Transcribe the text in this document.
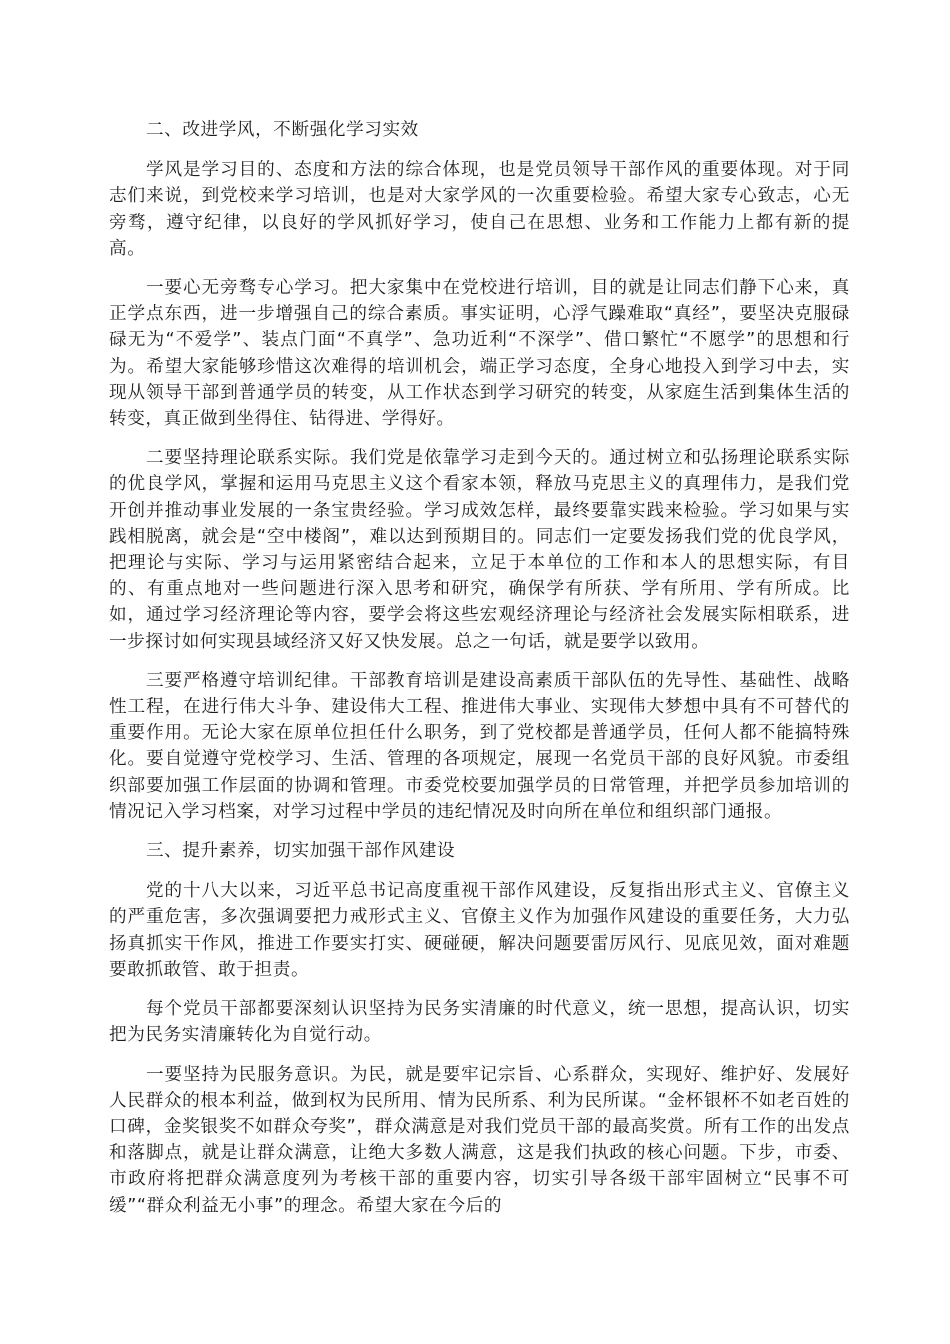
二、改进学风，不断强化学习实效

学风是学习目的、态度和方法的综合体现，也是党员领导干部作风的重要体现。对于同志们来说，到党校来学习培训，也是对大家学风的一次重要检验。希望大家专心致志，心无旁骛，遵守纪律，以良好的学风抓好学习，使自己在思想、业务和工作能力上都有新的提高。

一要心无旁骛专心学习。把大家集中在党校进行培训，目的就是让同志们静下心来，真正学点东西，进一步增强自己的综合素质。事实证明，心浮气躁难取“真经”，要坚决克服碌碌无为“不爱学”、装点门面“不真学”、急功近利“不深学”、借口繁忙“不愿学”的思想和行为。希望大家能够珍惜这次难得的培训机会，端正学习态度，全身心地投入到学习中去，实现从领导干部到普通学员的转变，从工作状态到学习研究的转变，从家庭生活到集体生活的转变，真正做到坐得住、钻得进、学得好。

二要坚持理论联系实际。我们党是依靠学习走到今天的。通过树立和弘扬理论联系实际的优良学风，掌握和运用马克思主义这个看家本领，释放马克思主义的真理伟力，是我们党开创并推动事业发展的一条宝贵经验。学习成效怎样，最终要靠实践来检验。学习如果与实践相脱离，就会是“空中楼阁”，难以达到预期目的。同志们一定要发扬我们党的优良学风，把理论与实际、学习与运用紧密结合起来，立足于本单位的工作和本人的思想实际，有目的、有重点地对一些问题进行深入思考和研究，确保学有所获、学有所用、学有所成。比如，通过学习经济理论等内容，要学会将这些宏观经济理论与经济社会发展实际相联系，进一步探讨如何实现县域经济又好又快发展。总之一句话，就是要学以致用。

三要严格遵守培训纪律。干部教育培训是建设高素质干部队伍的先导性、基础性、战略性工程，在进行伟大斗争、建设伟大工程、推进伟大事业、实现伟大梦想中具有不可替代的重要作用。无论大家在原单位担任什么职务，到了党校都是普通学员，任何人都不能搞特殊化。要自觉遵守党校学习、生活、管理的各项规定，展现一名党员干部的良好风貌。市委组织部要加强工作层面的协调和管理。市委党校要加强学员的日常管理，并把学员参加培训的情况记入学习档案，对学习过程中学员的违纪情况及时向所在单位和组织部门通报。

三、提升素养，切实加强干部作风建设

党的十八大以来，习近平总书记高度重视干部作风建设，反复指出形式主义、官僚主义的严重危害，多次强调要把力戒形式主义、官僚主义作为加强作风建设的重要任务，大力弘扬真抓实干作风，推进工作要实打实、硬碰硬，解决问题要雷厉风行、见底见效，面对难题要敢抓敢管、敢于担责。

每个党员干部都要深刻认识坚持为民务实清廉的时代意义，统一思想，提高认识，切实把为民务实清廉转化为自觉行动。

一要坚持为民服务意识。为民，就是要牢记宗旨、心系群众，实现好、维护好、发展好人民群众的根本利益，做到权为民所用、情为民所系、利为民所谋。“金杯银杯不如老百姓的口碑，金奖银奖不如群众夸奖”，群众满意是对我们党员干部的最高奖赏。所有工作的出发点和落脚点，就是让群众满意，让绝大多数人满意，这是我们执政的核心问题。下步，市委、市政府将把群众满意度列为考核干部的重要内容，切实引导各级干部牢固树立“民事不可缓”“群众利益无小事”的理念。希望大家在今后的
